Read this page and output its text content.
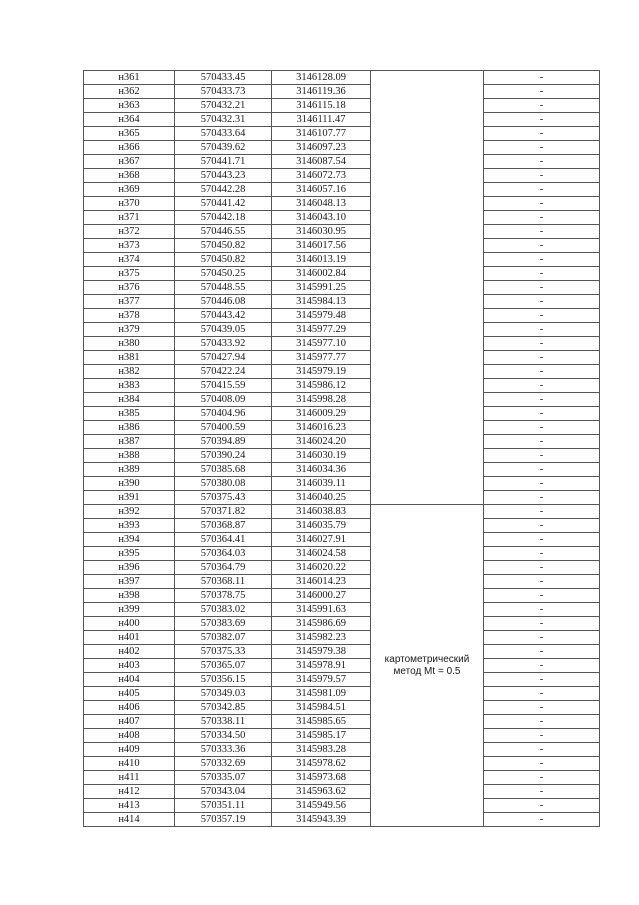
н361	570433.45	3146128.09		-
н362	570433.73	3146119.36		-
н363	570432.21	3146115.18		-
н364	570432.31	3146111.47		-
н365	570433.64	3146107.77		-
н366	570439.62	3146097.23		-
н367	570441.71	3146087.54		-
н368	570443.23	3146072.73		-
н369	570442.28	3146057.16		-
н370	570441.42	3146048.13		-
н371	570442.18	3146043.10		-
н372	570446.55	3146030.95		-
н373	570450.82	3146017.56		-
н374	570450.82	3146013.19		-
н375	570450.25	3146002.84		-
н376	570448.55	3145991.25		-
н377	570446.08	3145984.13		-
н378	570443.42	3145979.48		-
н379	570439.05	3145977.29		-
н380	570433.92	3145977.10		-
н381	570427.94	3145977.77		-
н382	570422.24	3145979.19		-
н383	570415.59	3145986.12		-
н384	570408.09	3145998.28		-
н385	570404.96	3146009.29		-
н386	570400.59	3146016.23		-
н387	570394.89	3146024.20		-
н388	570390.24	3146030.19		-
н389	570385.68	3146034.36		-
н390	570380.08	3146039.11		-
н391	570375.43	3146040.25		-
н392	570371.82	3146038.83	картометрический
метод Mt = 0.5	-
н393	570368.87	3146035.79		-
н394	570364.41	3146027.91		-
н395	570364.03	3146024.58		-
н396	570364.79	3146020.22		-
н397	570368.11	3146014.23		-
н398	570378.75	3146000.27		-
н399	570383.02	3145991.63		-
н400	570383.69	3145986.69		-
н401	570382.07	3145982.23		-
н402	570375.33	3145979.38		-
н403	570365.07	3145978.91		-
н404	570356.15	3145979.57		-
н405	570349.03	3145981.09		-
н406	570342.85	3145984.51		-
н407	570338.11	3145985.65		-
н408	570334.50	3145985.17		-
н409	570333.36	3145983.28		-
н410	570332.69	3145978.62		-
н411	570335.07	3145973.68		-
н412	570343.04	3145963.62		-
н413	570351.11	3145949.56		-
н414	570357.19	3145943.39		-
